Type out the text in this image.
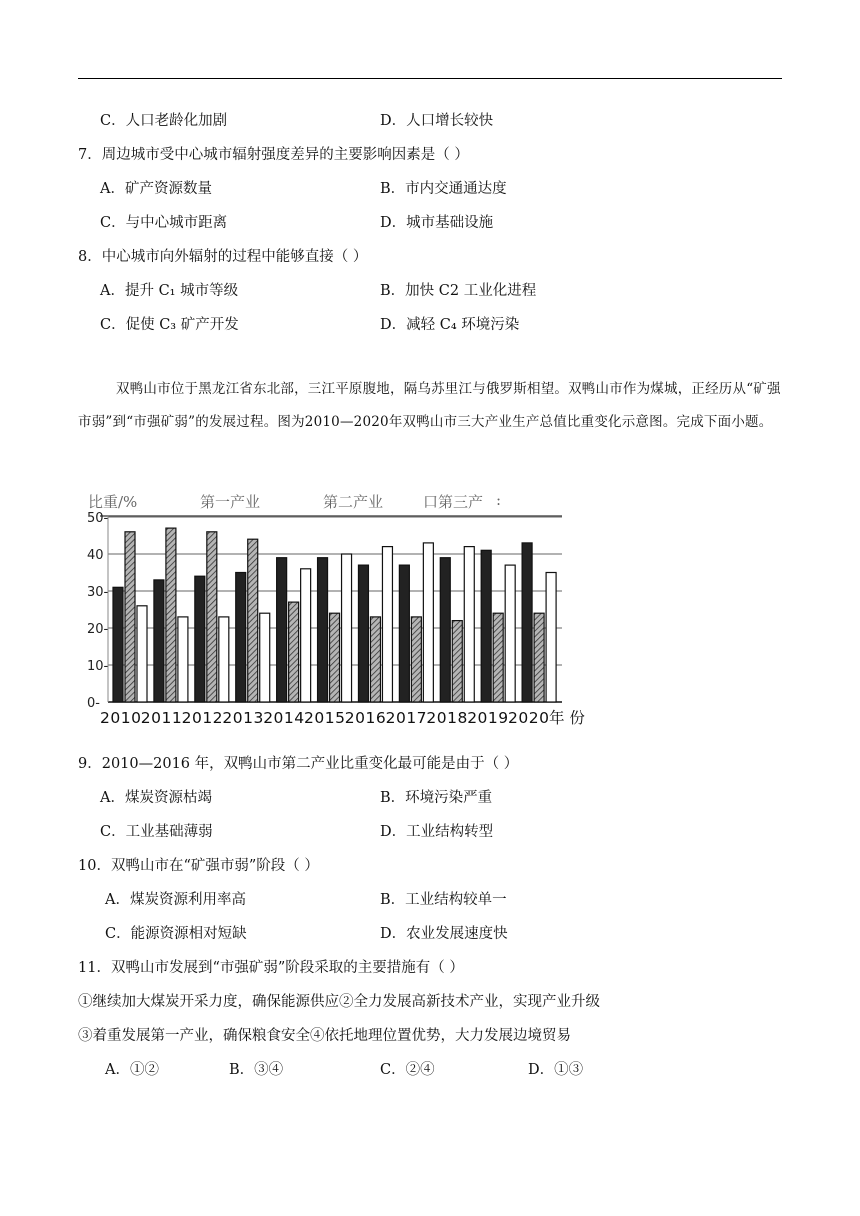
C．人口老龄化加剧	D．人口增长较快
7．周边城市受中心城市辐射强度差异的主要影响因素是（ ）
A．矿产资源数量	B．市内交通通达度
C．与中心城市距离	D．城市基础设施
8．中心城市向外辐射的过程中能够直接（ ）
A．提升 C₁ 城市等级	B．加快 C2 工业化进程
C．促使 C₃ 矿产开发	D．减轻 C₄ 环境污染
双鸭山市位于黑龙江省东北部，三江平原腹地，隔乌苏里江与俄罗斯相望。双鸭山市作为煤城，正经历从“矿强市弱”到“市强矿弱”的发展过程。图为2010—2020年双鸭山市三大产业生产总值比重变化示意图。完成下面小题。
比重/%	第一产业	第二产业	口第三产 :
0-
10-
20-
30-
40
50-
2010 2011 2012 2013 2014 2015 2016 2017 2018 2019 2020 年 份
9．2010—2016 年，双鸭山市第二产业比重变化最可能是由于（ ）
A．煤炭资源枯竭	B．环境污染严重
C．工业基础薄弱	D．工业结构转型
10．双鸭山市在“矿强市弱”阶段（ ）
A．煤炭资源利用率高	B．工业结构较单一
C．能源资源相对短缺	D．农业发展速度快
11．双鸭山市发展到“市强矿弱”阶段采取的主要措施有（ ）
①继续加大煤炭开采力度，确保能源供应②全力发展高新技术产业，实现产业升级
③着重发展第一产业，确保粮食安全④依托地理位置优势，大力发展边境贸易
A．①②	B．③④	C．②④	D．①③
